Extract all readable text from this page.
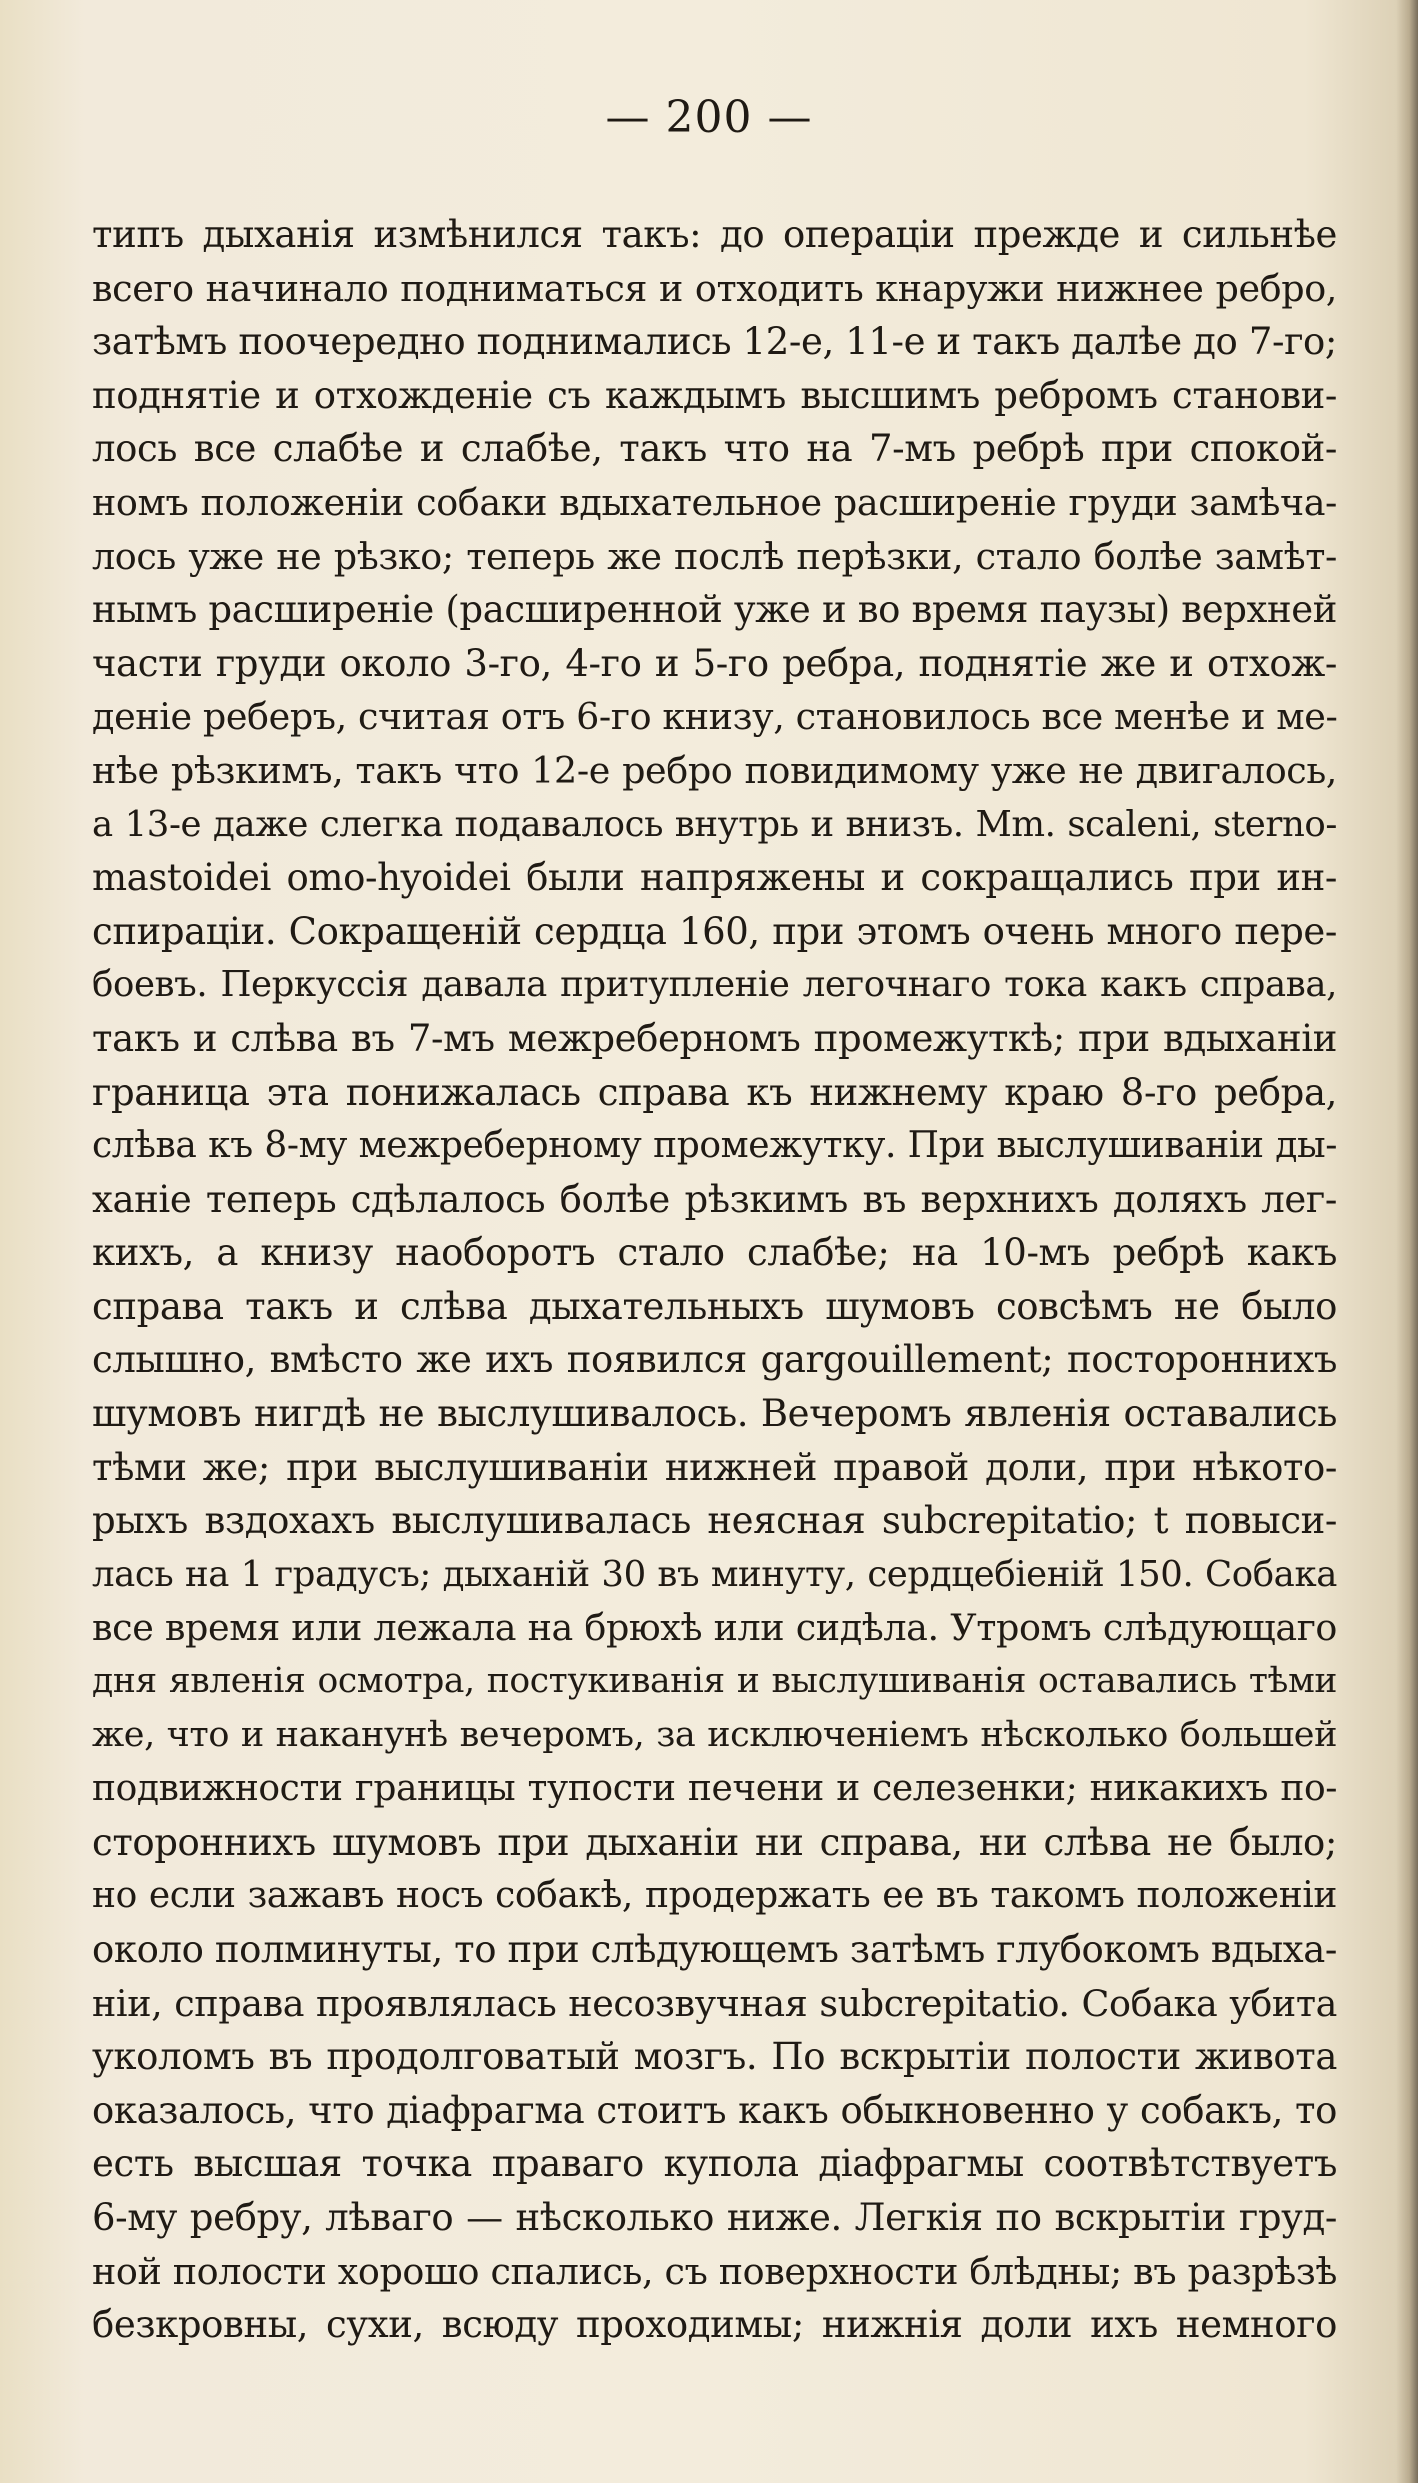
— 200 —
типъ дыханія измѣнился такъ: до операціи прежде и сильнѣе
всего начинало подниматься и отходить кнаружи нижнее ребро,
затѣмъ поочередно поднимались 12-е, 11-е и такъ далѣе до 7-го;
поднятіе и отхожденіе съ каждымъ высшимъ ребромъ станови-
лось все слабѣе и слабѣе, такъ что на 7-мъ ребрѣ при спокой-
номъ положеніи собаки вдыхательное расширеніе груди замѣча-
лось уже не рѣзко; теперь же послѣ перѣзки, стало болѣе замѣт-
нымъ расширеніе (расширенной уже и во время паузы) верхней
части груди около 3-го, 4-го и 5-го ребра, поднятіе же и отхож-
деніе реберъ, считая отъ 6-го книзу, становилось все менѣе и ме-
нѣе рѣзкимъ, такъ что 12-е ребро повидимому уже не двигалось,
а 13-е даже слегка подавалось внутрь и внизъ. Mm. scaleni, sterno-
mastoidei omo-hyoidei были напряжены и сокращались при ин-
спираціи. Сокращеній сердца 160, при этомъ очень много пере-
боевъ. Перкуссія давала притупленіе легочнаго тока какъ справа,
такъ и слѣва въ 7-мъ межреберномъ промежуткѣ; при вдыханіи
граница эта понижалась справа къ нижнему краю 8-го ребра,
слѣва къ 8-му межреберному промежутку. При выслушиваніи ды-
ханіе теперь сдѣлалось болѣе рѣзкимъ въ верхнихъ доляхъ лег-
кихъ, а книзу наоборотъ стало слабѣе; на 10-мъ ребрѣ какъ
справа такъ и слѣва дыхательныхъ шумовъ совсѣмъ не было
слышно, вмѣсто же ихъ появился gargouillement; постороннихъ
шумовъ нигдѣ не выслушивалось. Вечеромъ явленія оставались
тѣми же; при выслушиваніи нижней правой доли, при нѣкото-
рыхъ вздохахъ выслушивалась неясная subcrepitatio; t повыси-
лась на 1 градусъ; дыханій 30 въ минуту, сердцебіеній 150. Собака
все время или лежала на брюхѣ или сидѣла. Утромъ слѣдующаго
дня явленія осмотра, постукиванія и выслушиванія оставались тѣми
же, что и наканунѣ вечеромъ, за исключеніемъ нѣсколько большей
подвижности границы тупости печени и селезенки; никакихъ по-
стороннихъ шумовъ при дыханіи ни справа, ни слѣва не было;
но если зажавъ носъ собакѣ, продержать ее въ такомъ положеніи
около полминуты, то при слѣдующемъ затѣмъ глубокомъ вдыха-
ніи, справа проявлялась несозвучная subcrepitatio. Собака убита
уколомъ въ продолговатый мозгъ. По вскрытіи полости живота
оказалось, что діафрагма стоитъ какъ обыкновенно у собакъ, то
есть высшая точка праваго купола діафрагмы соотвѣтствуетъ
6-му ребру, лѣваго — нѣсколько ниже. Легкія по вскрытіи груд-
ной полости хорошо спались, съ поверхности блѣдны; въ разрѣзѣ
безкровны, сухи, всюду проходимы; нижнія доли ихъ немного
